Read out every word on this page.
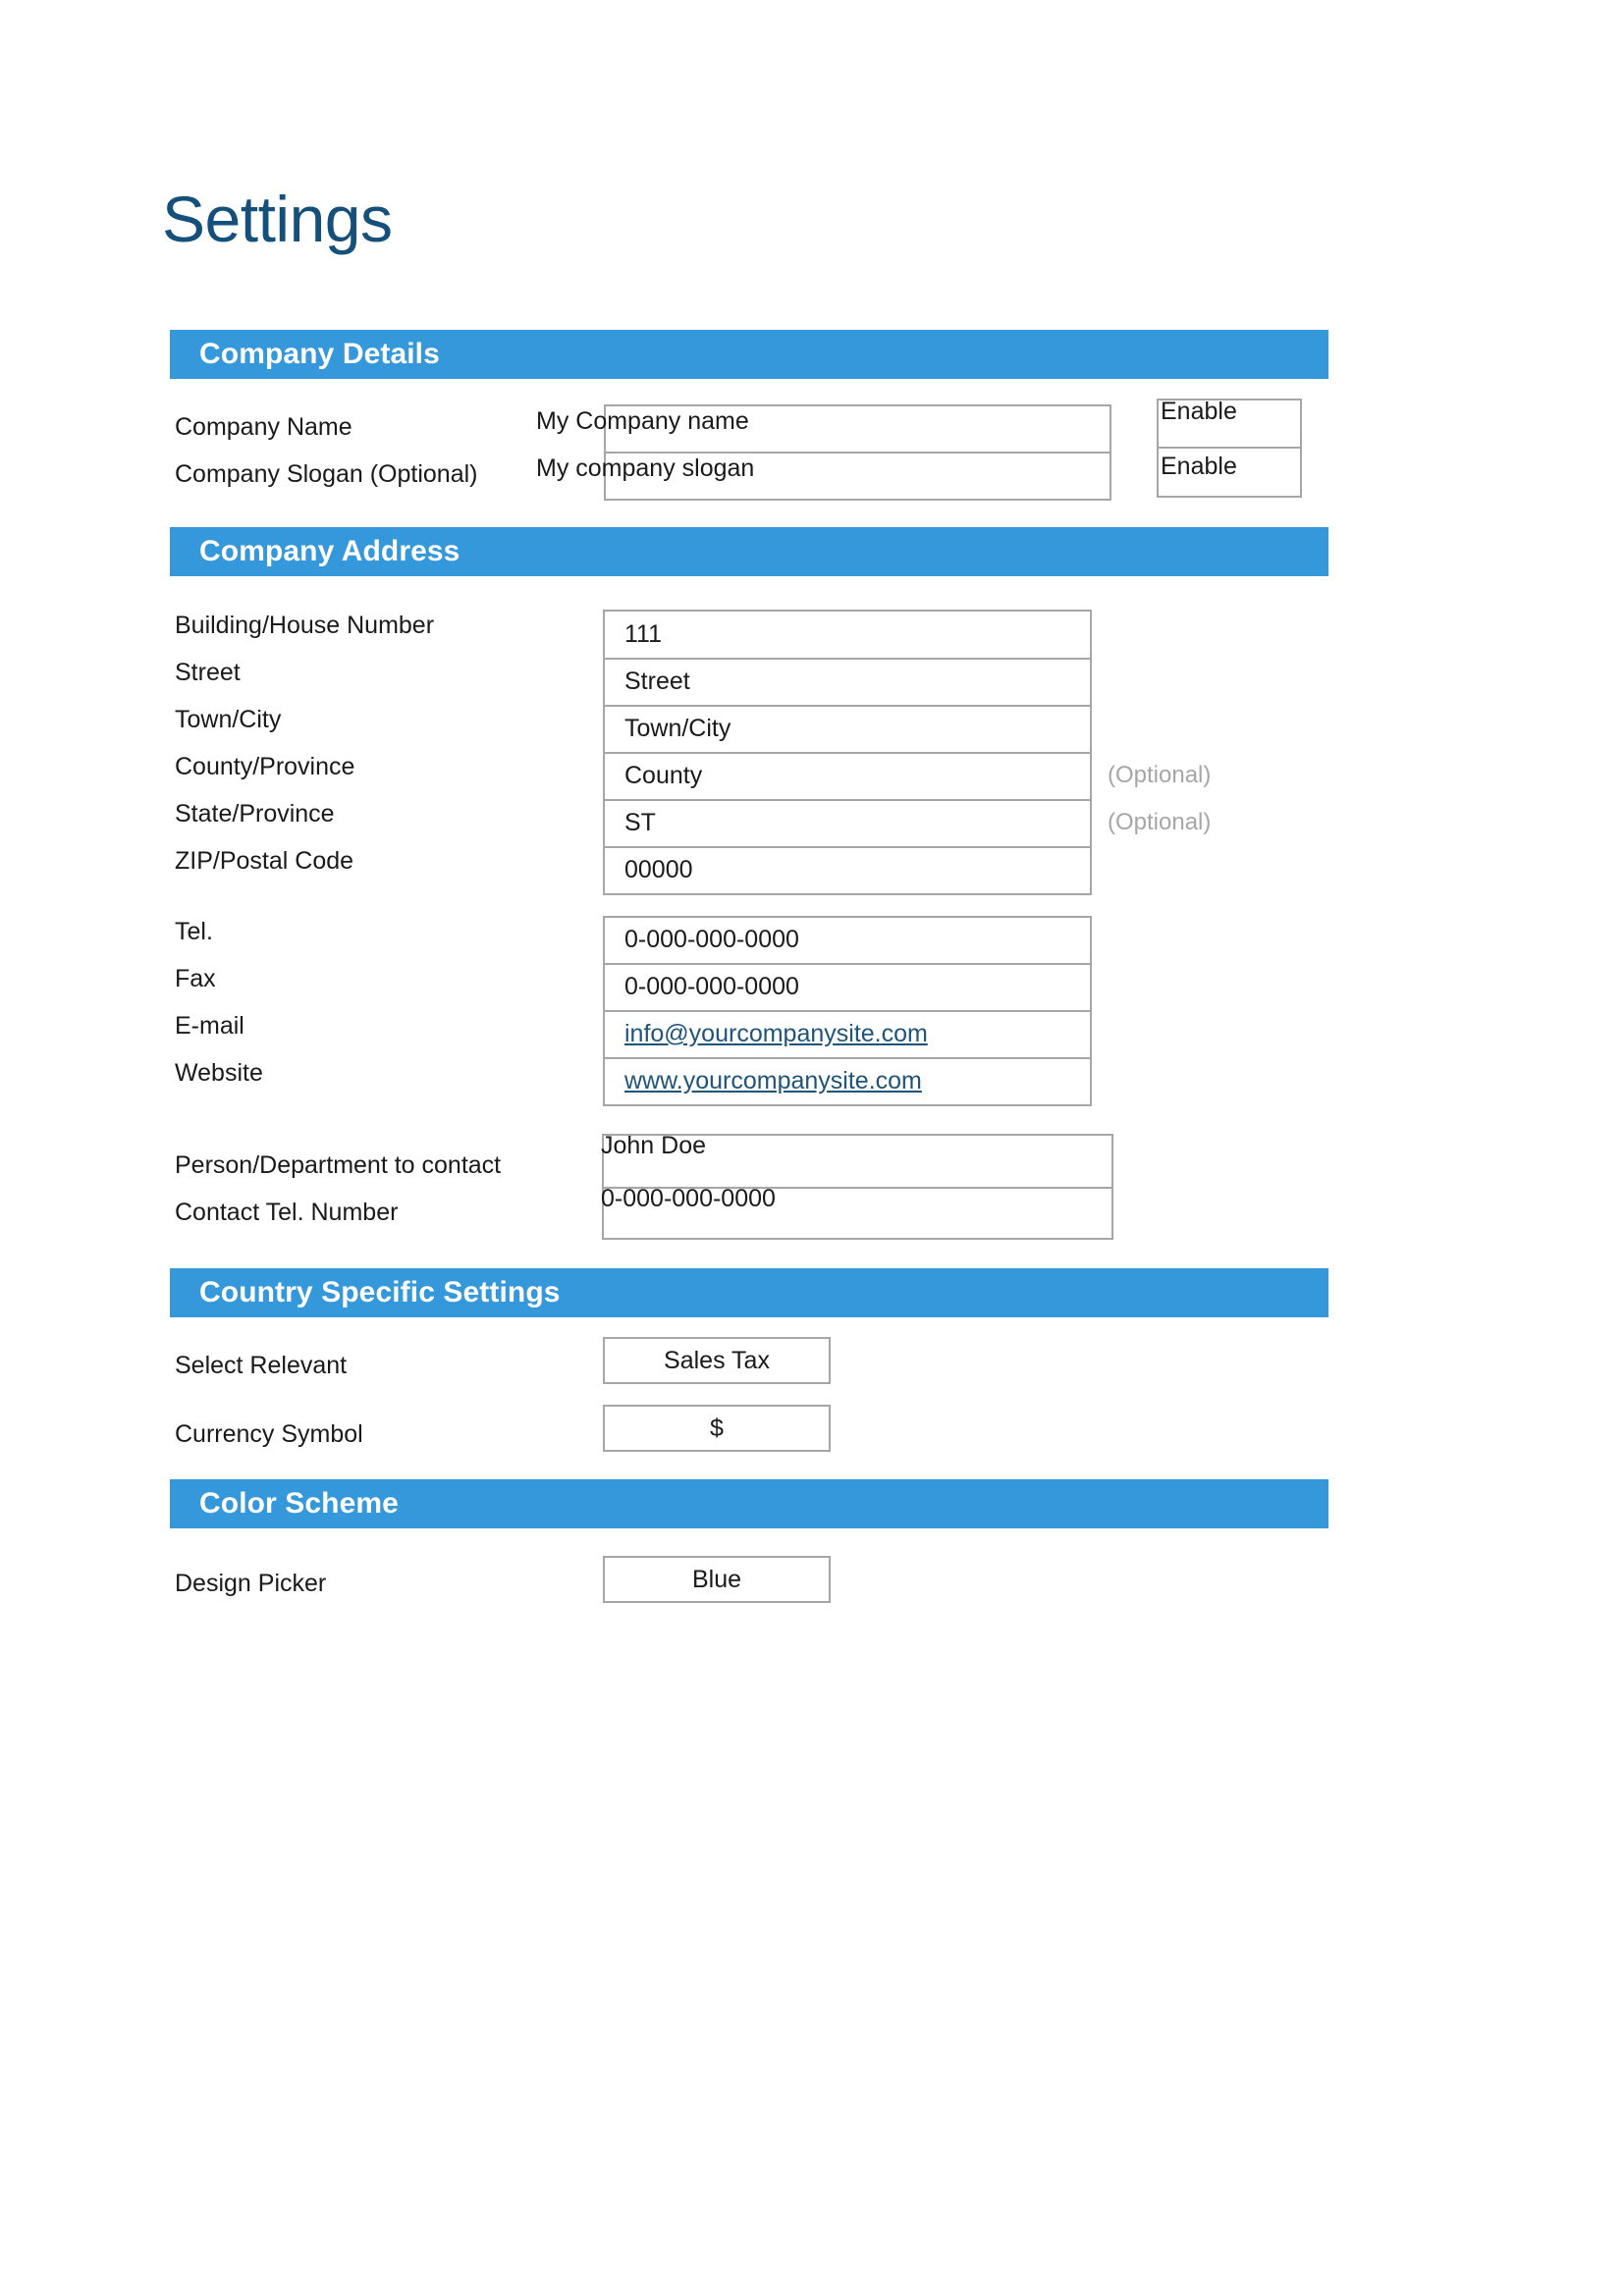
Settings
Company Details
Company Name
Company Slogan (Optional)
My Company name
My company slogan
Enable
Enable
Company Address
Building/House Number
Street
Town/City
County/Province
State/Province
ZIP/Postal Code
111
Street
Town/City
County
ST
00000
(Optional)
(Optional)
Tel.
Fax
E-mail
Website
0-000-000-0000
0-000-000-0000
info@yourcompanysite.com
www.yourcompanysite.com
Person/Department to contact
Contact Tel. Number
John Doe
0-000-000-0000
Country Specific Settings
Select Relevant
Currency Symbol
Sales Tax
$
Color Scheme
Design Picker	Blue
